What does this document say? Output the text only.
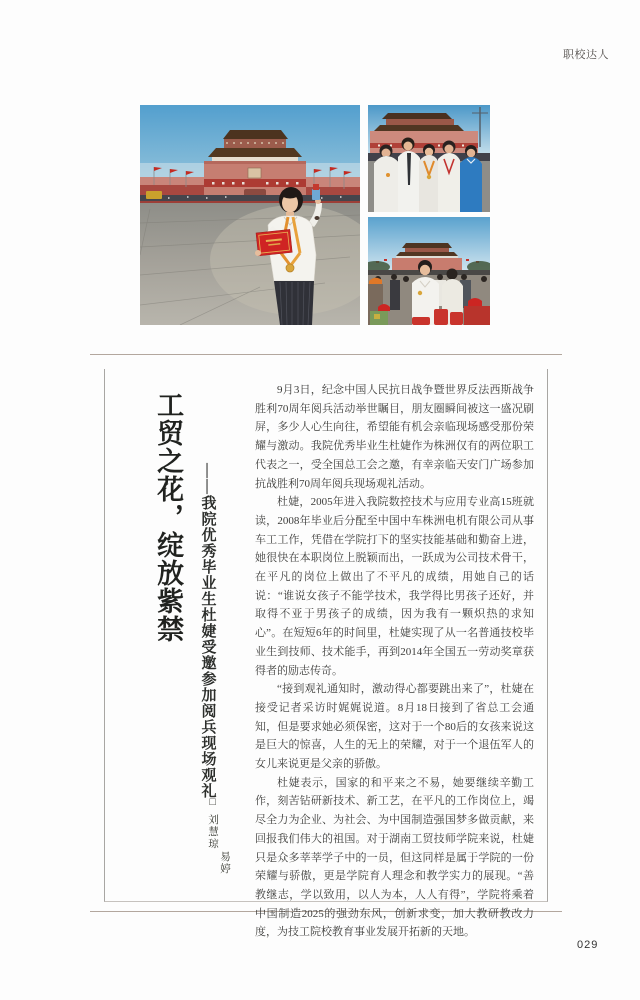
职校达人
工贸之花，绽放紫禁	——我院优秀毕业生杜婕受邀参加阅兵现场观礼
□ 刘慧琼
易婷

9月3日，纪念中国人民抗日战争暨世界反法西斯战争胜利70周年阅兵活动举世瞩目，朋友圈瞬间被这一盛况刷屏，多少人心生向往，希望能有机会亲临现场感受那份荣耀与激动。我院优秀毕业生杜婕作为株洲仅有的两位职工代表之一，受全国总工会之邀，有幸亲临天安门广场参加抗战胜利70周年阅兵现场观礼活动。

杜婕，2005年进入我院数控技术与应用专业高15班就读，2008年毕业后分配至中国中车株洲电机有限公司从事车工工作，凭借在学院打下的坚实技能基础和勤奋上进，她很快在本职岗位上脱颖而出，一跃成为公司技术骨干，在平凡的岗位上做出了不平凡的成绩，用她自己的话说：“谁说女孩子不能学技术，我学得比男孩子还好，并取得不亚于男孩子的成绩，因为我有一颗炽热的求知心”。在短短6年的时间里，杜婕实现了从一名普通技校毕业生到技师、技术能手，再到2014年全国五一劳动奖章获得者的励志传奇。

“接到观礼通知时，激动得心都要跳出来了”，杜婕在接受记者采访时娓娓说道。8月18日接到了省总工会通知，但是要求她必须保密，这对于一个80后的女孩来说这是巨大的惊喜，人生的无上的荣耀，对于一个退伍军人的女儿来说更是父亲的骄傲。

杜婕表示，国家的和平来之不易，她要继续辛勤工作，刻苦钻研新技术、新工艺，在平凡的工作岗位上，竭尽全力为企业、为社会、为中国制造强国梦多做贡献，来回报我们伟大的祖国。对于湖南工贸技师学院来说，杜婕只是众多莘莘学子中的一员，但这同样是属于学院的一份荣耀与骄傲，更是学院育人理念和教学实力的展现。“善教继志，学以致用，以人为本，人人有得”，学院将乘着中国制造2025的强劲东风，创新求变，加大教研教改力度，为技工院校教育事业发展开拓新的天地。

029
